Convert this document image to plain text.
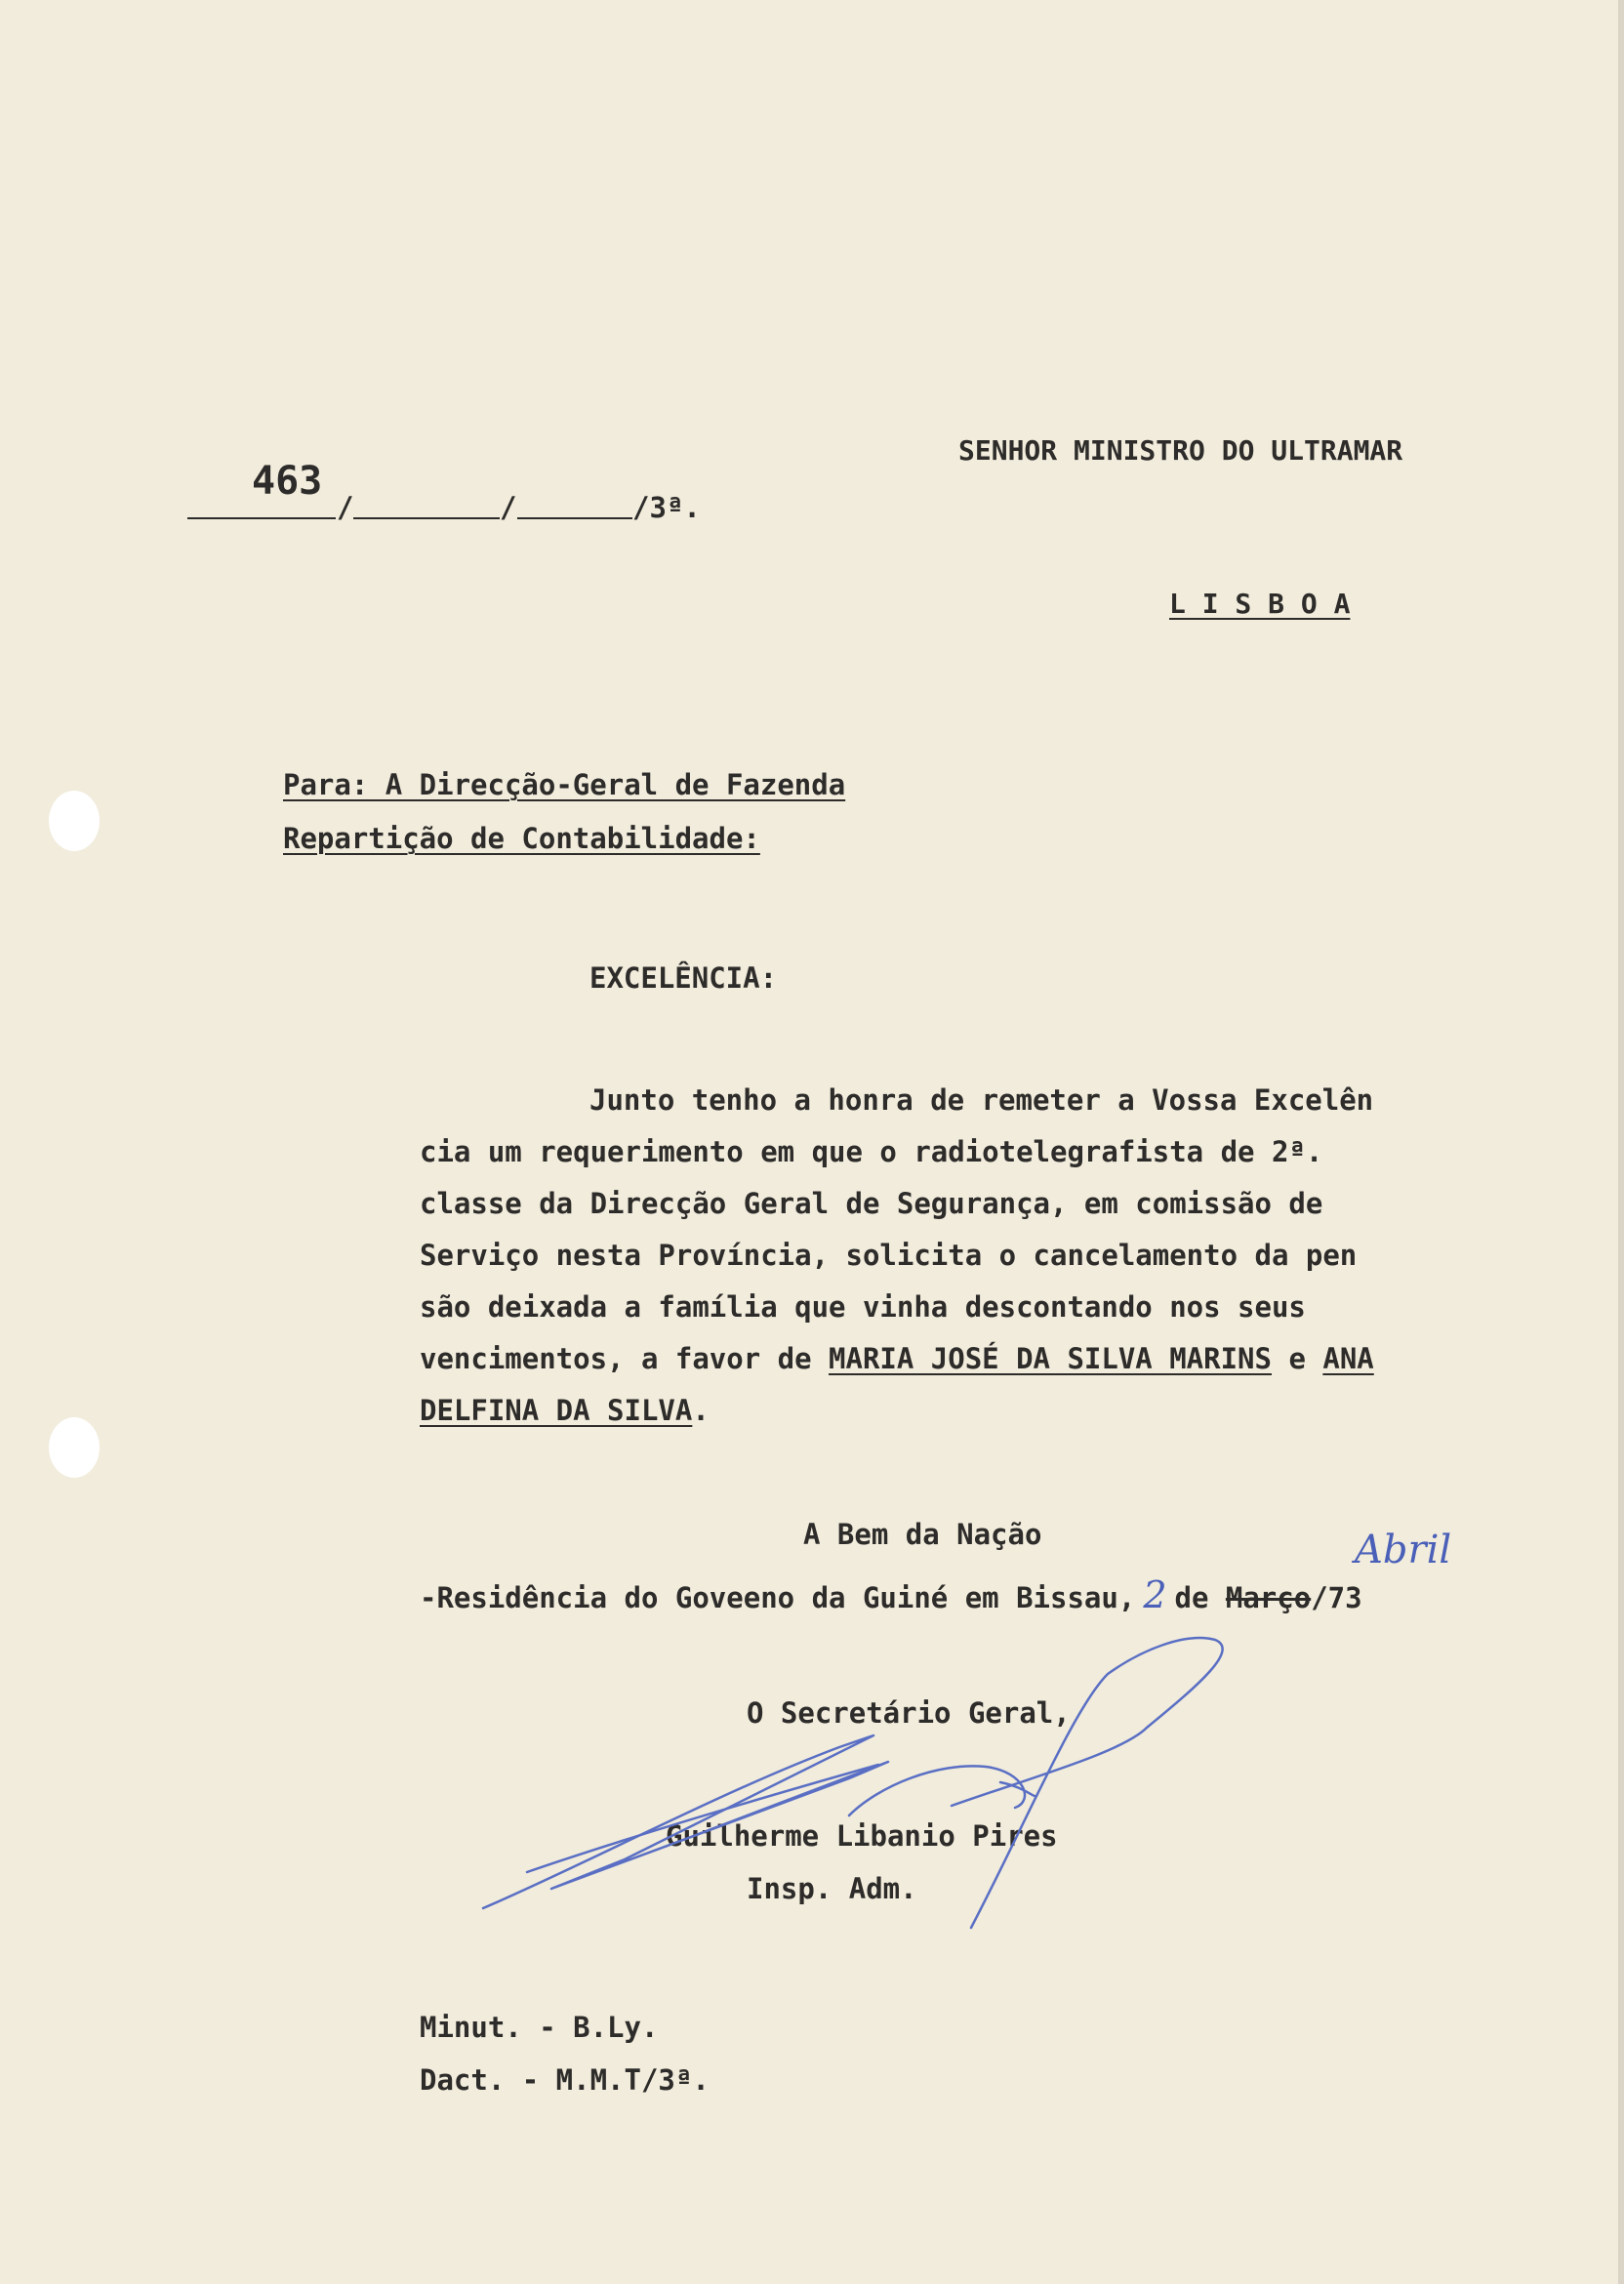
SENHOR MINISTRO DO ULTRAMAR
L I S B O A
463
/	/	/3ª.
Para: A Direcção-Geral de Fazenda
Repartição de Contabilidade:
EXCELÊNCIA:
Junto tenho a honra de remeter a Vossa Excelên
cia um requerimento em que o radiotelegrafista de 2ª.
classe da Direcção Geral de Segurança, em comissão de
Serviço nesta Província, solicita o cancelamento da pen
são deixada a família que vinha descontando nos seus
vencimentos, a favor de MARIA JOSÉ DA SILVA MARINS e ANA
DELFINA DA SILVA.
A Bem da Nação
-Residência do Goveeno da Guiné em Bissau, 2 de Março/73
Abril
O Secretário Geral,
Guilherme Libanio Pires
Insp. Adm.
Minut. - B.Ly.
Dact. - M.M.T/3ª.
